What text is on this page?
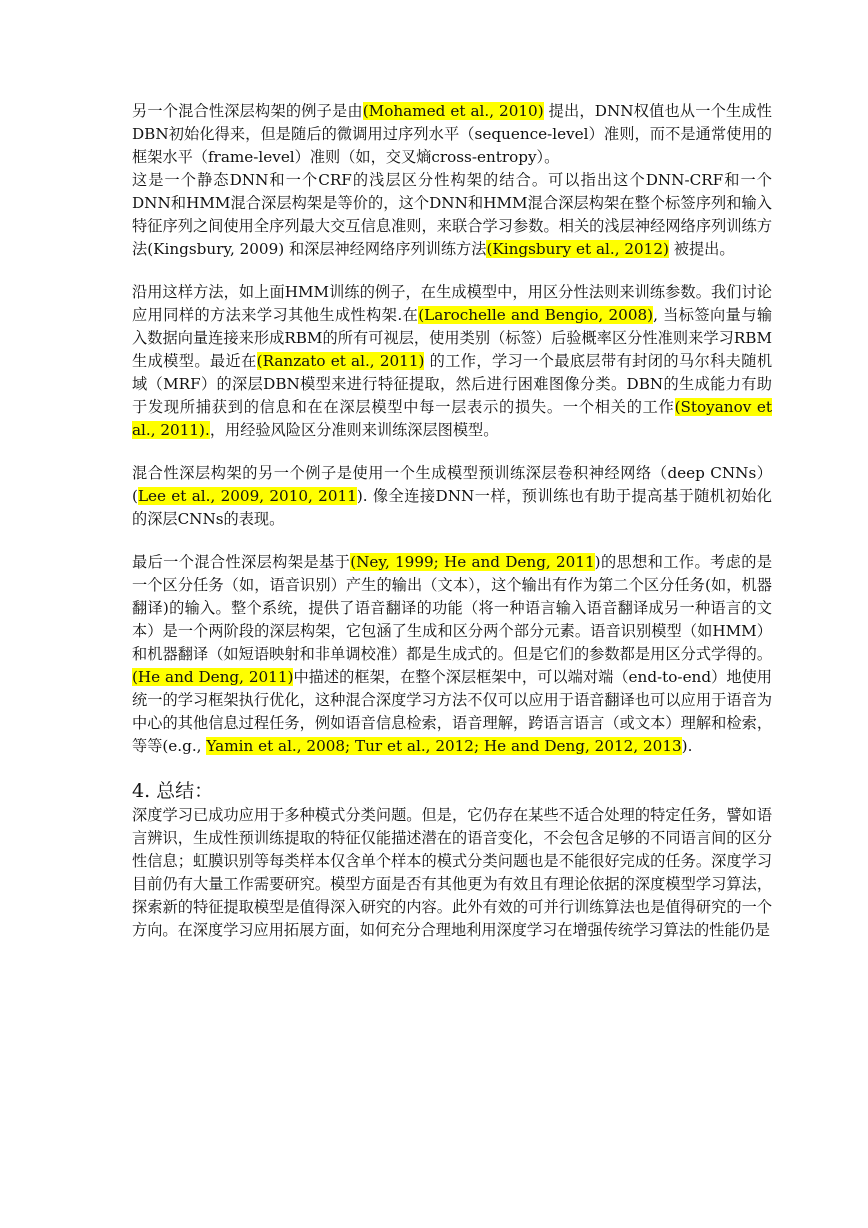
另一个混合性深层构架的例子是由(Mohamed et al., 2010) 提出，DNN权值也从一个生成性DBN初始化得来，但是随后的微调用过序列水平（sequence-level）准则，而不是通常使用的框架水平（frame-level）准则（如，交叉熵cross-entropy）。

这是一个静态DNN和一个CRF的浅层区分性构架的结合。可以指出这个DNN-CRF和一个DNN和HMM混合深层构架是等价的，这个DNN和HMM混合深层构架在整个标签序列和输入特征序列之间使用全序列最大交互信息准则，来联合学习参数。相关的浅层神经网络序列训练方法(Kingsbury, 2009) 和深层神经网络序列训练方法(Kingsbury et al., 2012) 被提出。

沿用这样方法，如上面HMM训练的例子，在生成模型中，用区分性法则来训练参数。我们讨论应用同样的方法来学习其他生成性构架.在(Larochelle and Bengio, 2008), 当标签向量与输入数据向量连接来形成RBM的所有可视层，使用类别（标签）后验概率区分性准则来学习RBM生成模型。最近在(Ranzato et al., 2011) 的工作，学习一个最底层带有封闭的马尔科夫随机域（MRF）的深层DBN模型来进行特征提取，然后进行困难图像分类。DBN的生成能力有助于发现所捕获到的信息和在在深层模型中每一层表示的损失。一个相关的工作(Stoyanov et al., 2011).，用经验风险区分准则来训练深层图模型。

混合性深层构架的另一个例子是使用一个生成模型预训练深层卷积神经网络（deep CNNs）(Lee et al., 2009, 2010, 2011). 像全连接DNN一样，预训练也有助于提高基于随机初始化的深层CNNs的表现。

最后一个混合性深层构架是基于(Ney, 1999; He and Deng, 2011)的思想和工作。考虑的是一个区分任务（如，语音识别）产生的输出（文本），这个输出有作为第二个区分任务(如，机器翻译)的输入。整个系统，提供了语音翻译的功能（将一种语言输入语音翻译成另一种语言的文本）是一个两阶段的深层构架，它包涵了生成和区分两个部分元素。语音识别模型（如HMM）和机器翻译（如短语映射和非单调校准）都是生成式的。但是它们的参数都是用区分式学得的。(He and Deng, 2011)中描述的框架，在整个深层框架中，可以端对端（end-to-end）地使用统一的学习框架执行优化，这种混合深度学习方法不仅可以应用于语音翻译也可以应用于语音为中心的其他信息过程任务，例如语音信息检索，语音理解，跨语言语言（或文本）理解和检索，等等(e.g., Yamin et al., 2008; Tur et al., 2012; He and Deng, 2012, 2013).

4. 总结：

深度学习已成功应用于多种模式分类问题。但是，它仍存在某些不适合处理的特定任务，譬如语言辨识，生成性预训练提取的特征仅能描述潜在的语音变化，不会包含足够的不同语言间的区分性信息；虹膜识别等每类样本仅含单个样本的模式分类问题也是不能很好完成的任务。深度学习目前仍有大量工作需要研究。模型方面是否有其他更为有效且有理论依据的深度模型学习算法，探索新的特征提取模型是值得深入研究的内容。此外有效的可并行训练算法也是值得研究的一个方向。在深度学习应用拓展方面，如何充分合理地利用深度学习在增强传统学习算法的性能仍是
